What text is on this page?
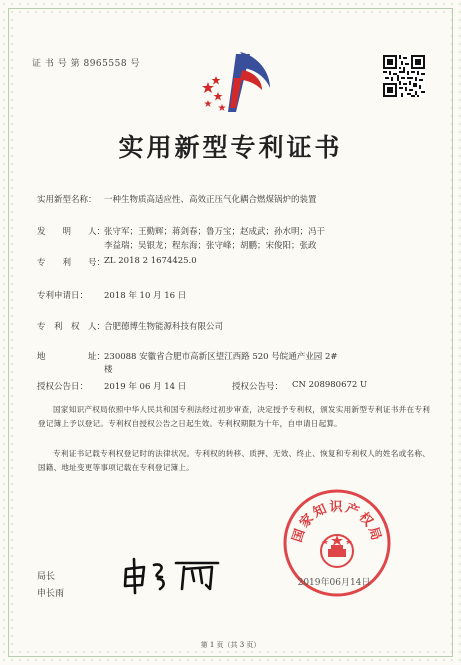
证 书 号 第 8965558 号
实用新型专利证书
实用新型名称： 一种生物质高适应性、高效正压气化耦合燃煤锅炉的装置
发　　明　　人：
张守军；王勤辉；蒋剑春；鲁万宝；赵成武；孙水明；冯干
李益瑞；吴银龙；程东海；张守峰；胡鹏；宋俊阳；张政
专　　利　　号：
ZL 2018 2 1674425.0
专利申请日： 2018 年 10 月 16 日
专　利　权　人：
合肥德博生物能源科技有限公司
地　　　　　址：
230088 安徽省合肥市高新区望江西路 520 号皖通产业园 2#
楼
授权公告日： 2019 年 06 月 14 日	授权公告号： CN 208980672 U
国家知识产权局依照中华人民共和国专利法经过初步审查，决定授予专利权，颁发实用新型专利证书并在专利登记簿上予以登记。专利权自授权公告之日起生效。专利权期限为十年，自申请日起算。
专利证书记载专利权登记时的法律状况。专利权的转移、质押、无效、终止、恢复和专利权人的姓名或名称、国籍、地址变更等事项记载在专利登记簿上。
局长
申长雨
申长雨
国家知识产权局
2019年06月14日
第 1 页（共 3 页）
